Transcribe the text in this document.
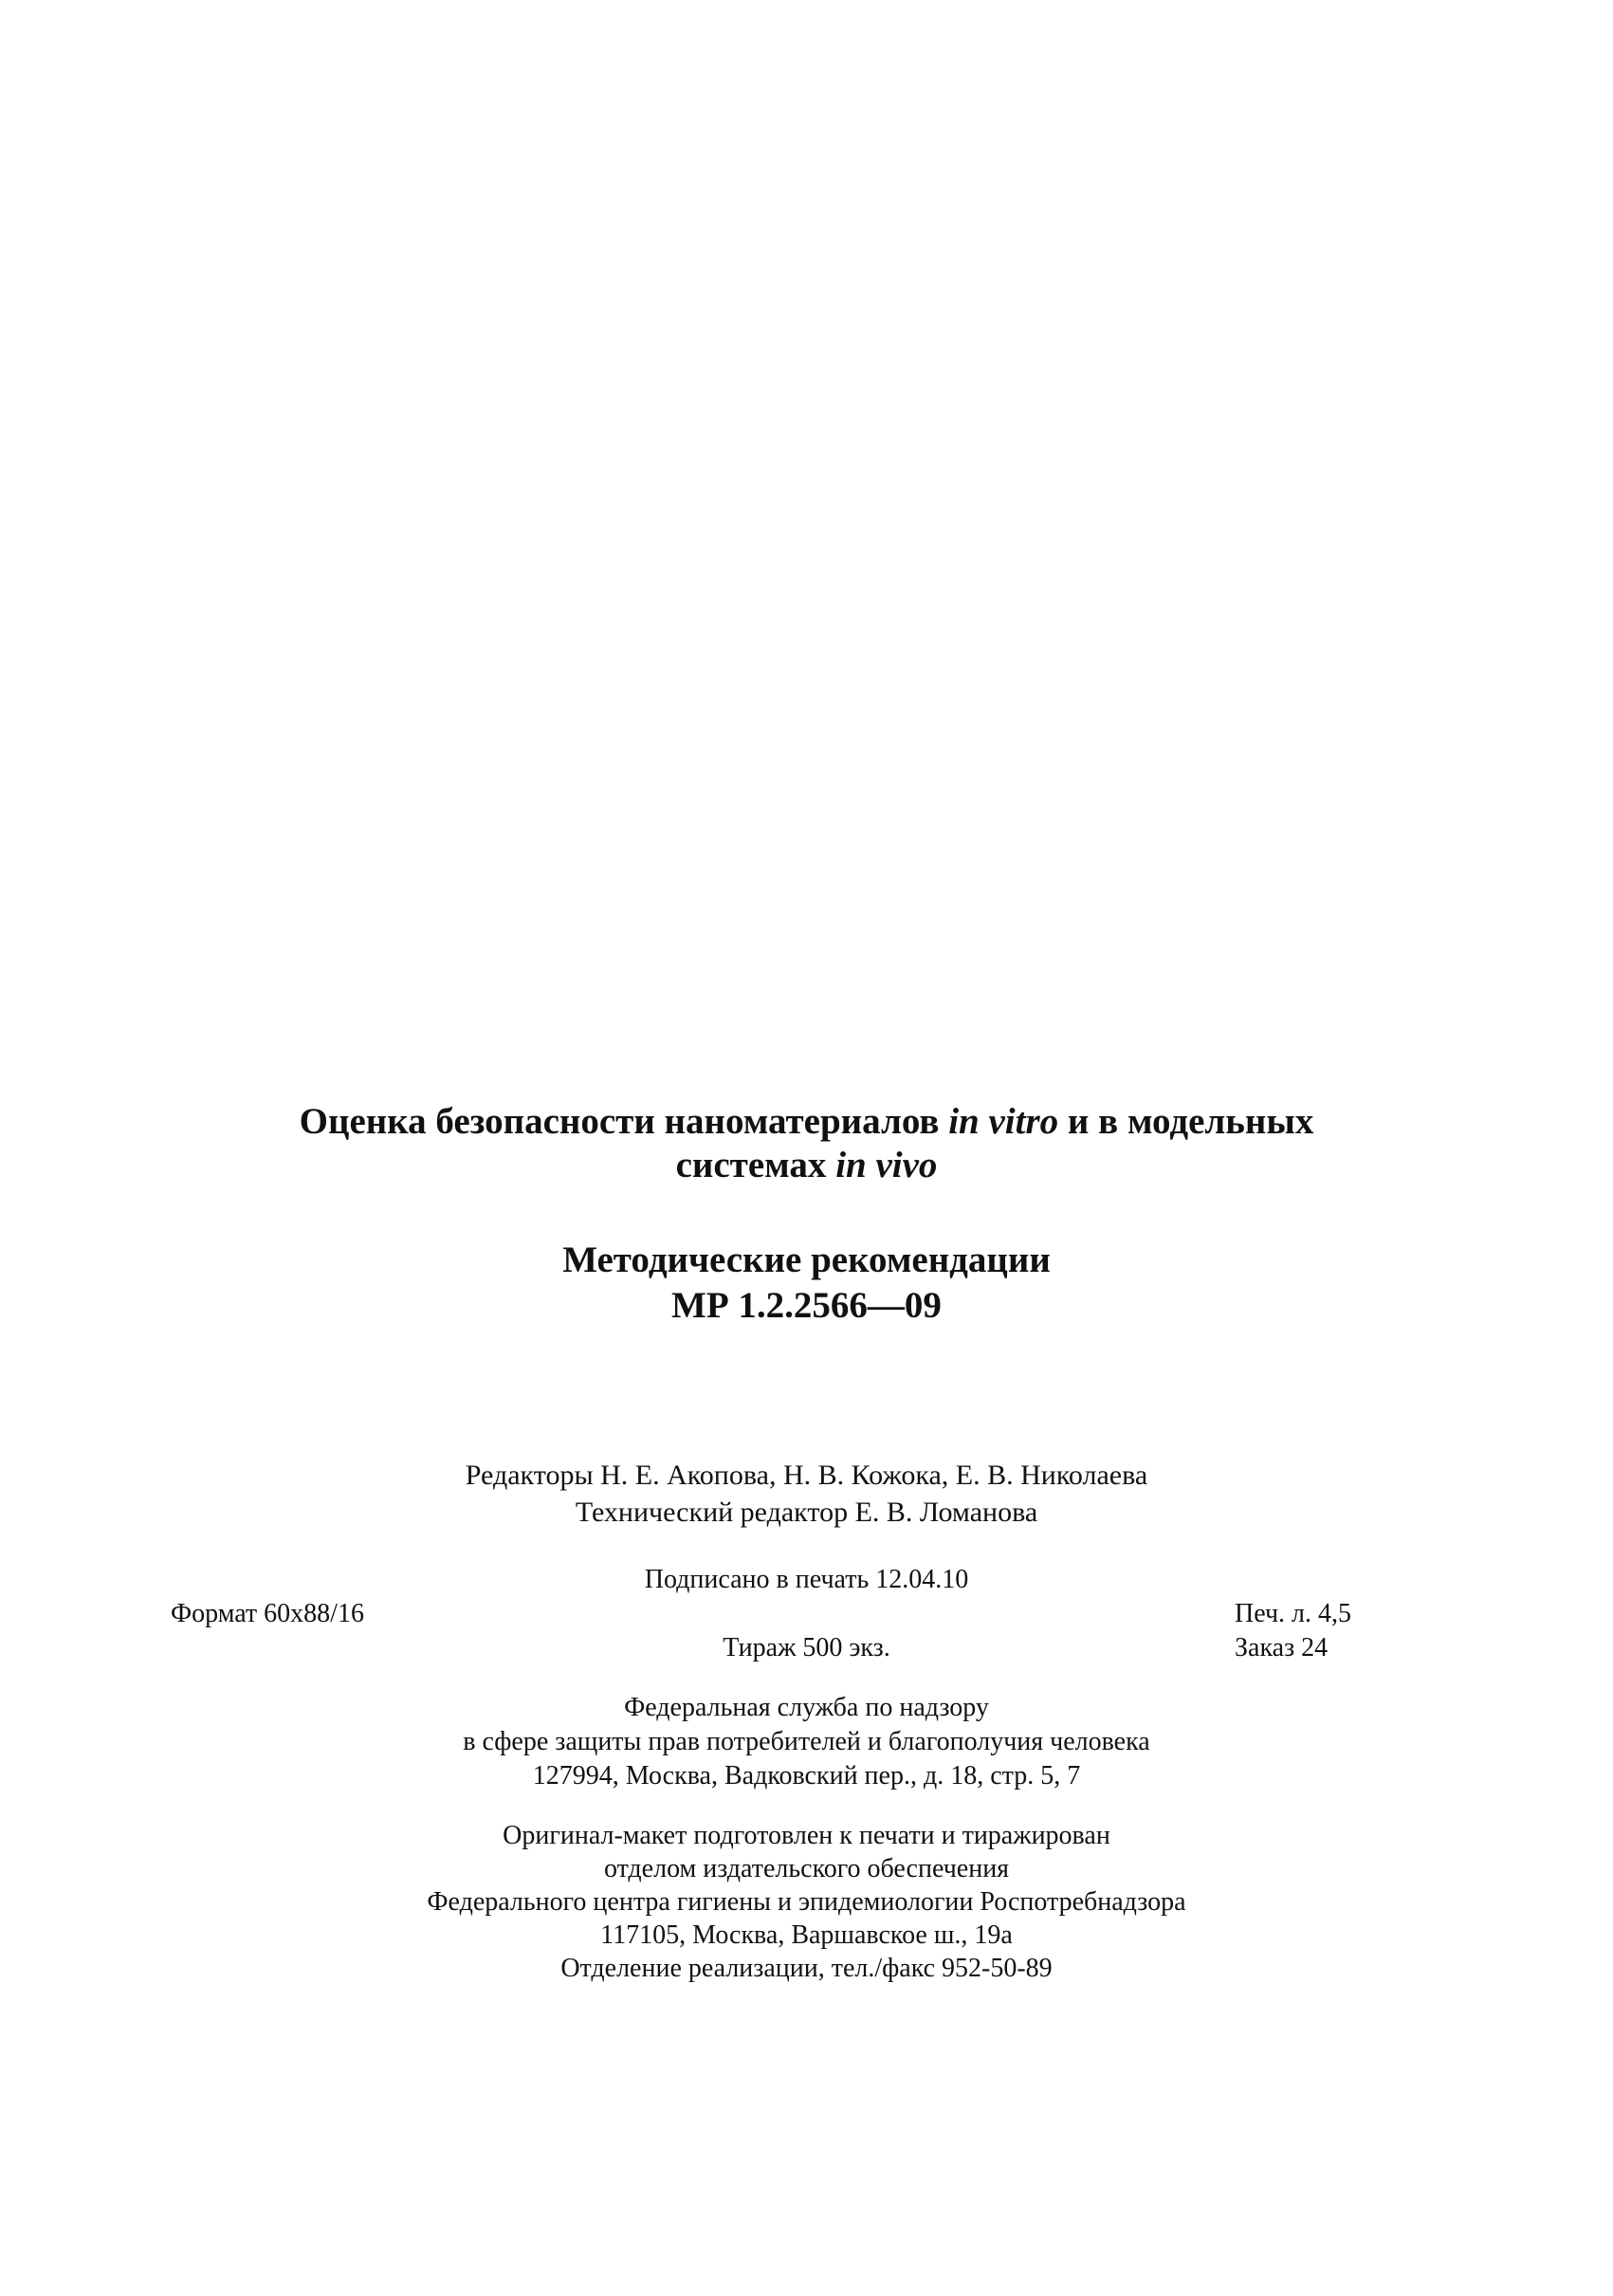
Оценка безопасности наноматериалов in vitro и в модельных
системах in vivo
Методические рекомендации
МР 1.2.2566—09
Редакторы Н. Е. Акопова, Н. В. Кожока, Е. В. Николаева
Технический редактор Е. В. Ломанова
Подписано в печать 12.04.10
Формат 60x88/16	Печ. л. 4,5
Тираж 500 экз.	Заказ 24
Федеральная служба по надзору
в сфере защиты прав потребителей и благополучия человека
127994, Москва, Вадковский пер., д. 18, стр. 5, 7
Оригинал-макет подготовлен к печати и тиражирован
отделом издательского обеспечения
Федерального центра гигиены и эпидемиологии Роспотребнадзора
117105, Москва, Варшавское ш., 19а
Отделение реализации, тел./факс 952-50-89
